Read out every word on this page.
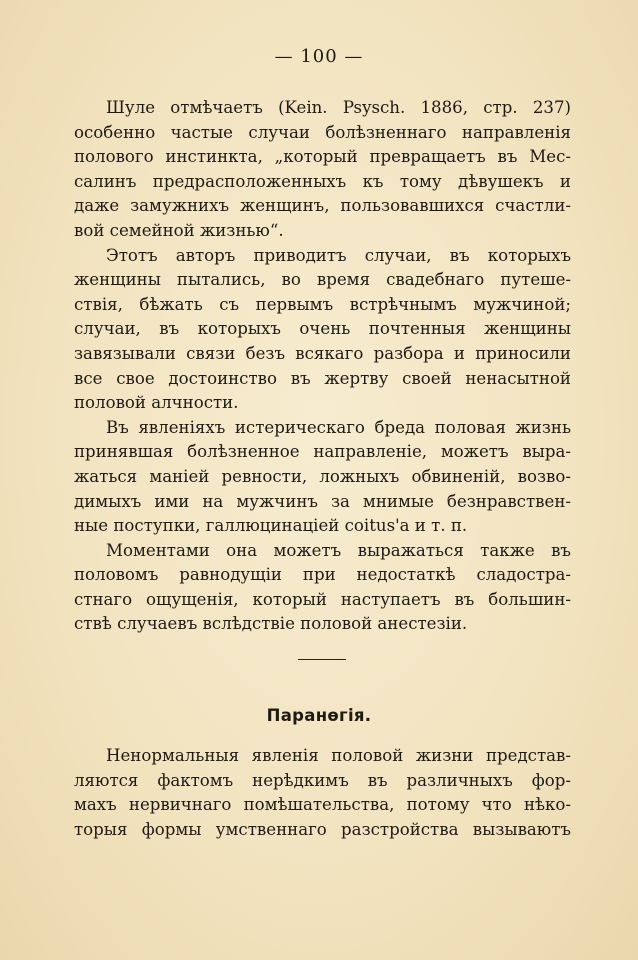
— 100 —
Шуле отмѣчаетъ (Kein. Psysch. 1886, стр. 237)
особенно частые случаи болѣзненнаго направленія
полового инстинкта, „который превращаетъ въ Мес-
салинъ предрасположенныхъ къ тому дѣвушекъ и
даже замужнихъ женщинъ, пользовавшихся счастли-
вой семейной жизнью“.
Этотъ авторъ приводитъ случаи, въ которыхъ
женщины пытались, во время свадебнаго путеше-
ствія, бѣжать съ первымъ встрѣчнымъ мужчиной;
случаи, въ которыхъ очень почтенныя женщины
завязывали связи безъ всякаго разбора и приносили
все свое достоинство въ жертву своей ненасытной
половой алчности.
Въ явленіяхъ истерическаго бреда половая жизнь
принявшая болѣзненное направленіе, можетъ выра-
жаться маніей ревности, ложныхъ обвиненій, возво-
димыхъ ими на мужчинъ за мнимые безнравствен-
ные поступки, галлюцинаціей coitus'a и т. п.
Моментами она можетъ выражаться также въ
половомъ равнодущіи при недостаткѣ сладостра-
стнаго ощущенія, который наступаетъ въ большин-
ствѣ случаевъ вслѣдствіе половой анестезіи.
Паранѳгія.
Ненормальныя явленія половой жизни представ-
ляются фактомъ нерѣдкимъ въ различныхъ фор-
махъ нервичнаго помѣшательства, потому что нѣко-
торыя формы умственнаго разстройства вызываютъ
